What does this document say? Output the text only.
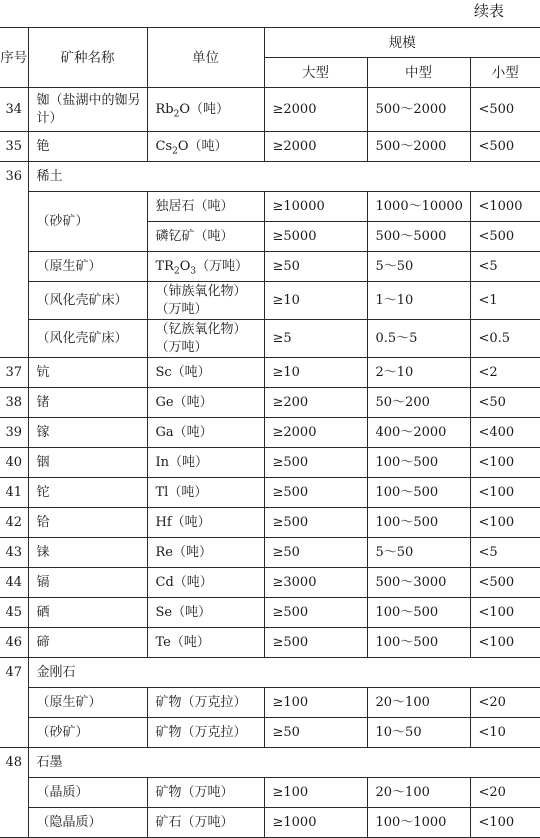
续表
序号	矿种名称	单位	规模		
			大型	中型	小型
34	铷（盐湖中的铷另计）	$Rb_2O$（吨）	≥2000	500～2000	<500
35	铯	$Cs_2O$（吨）	≥2000	500～2000	<500
36	稀土				
	（砂矿）	独居石（吨）	≥10000	1000～10000	<1000
		磷钇矿（吨）	≥5000	500～5000	<500
	（原生矿）	$TR_2O_3$（万吨）	≥50	5～50	<5
	（风化壳矿床）	（铈族氧化物）（万吨）	≥10	1～10	<1
	（风化壳矿床）	（钇族氧化物）（万吨）	≥5	0.5～5	<0.5
37	钪	Sc（吨）	≥10	2～10	<2
38	锗	Ge（吨）	≥200	50～200	<50
39	镓	Ga（吨）	≥2000	400～2000	<400
40	铟	In（吨）	≥500	100～500	<100
41	铊	Tl（吨）	≥500	100～500	<100
42	铪	Hf（吨）	≥500	100～500	<100
43	铼	Re（吨）	≥50	5～50	<5
44	镉	Cd（吨）	≥3000	500～3000	<500
45	硒	Se（吨）	≥500	100～500	<100
46	碲	Te（吨）	≥500	100～500	<100
47	金刚石				
	（原生矿）	矿物（万克拉）	≥100	20～100	<20
	（砂矿）	矿物（万克拉）	≥50	10～50	<10
48	石墨				
	（晶质）	矿物（万吨）	≥100	20～100	<20
	（隐晶质）	矿石（万吨）	≥1000	100～1000	<100
